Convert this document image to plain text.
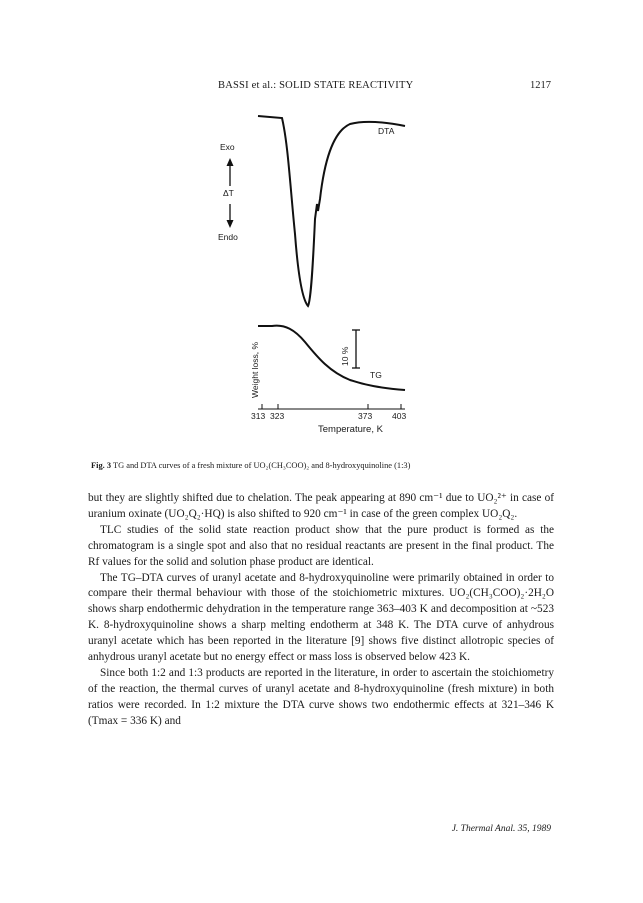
BASSI et al.: SOLID STATE REACTIVITY	1217
DTA
Exo
ΔT
Endo
Weight loss, %	10 %
TG
313 323	373 403
Temperature, K
Fig. 3 TG and DTA curves of a fresh mixture of UO₂(CH₃COO)₂ and 8-hydroxyquinoline (1:3)

but they are slightly shifted due to chelation. The peak appearing at 890 cm⁻¹ due to UO₂²⁺ in case of uranium oxinate (UO₂Q₂·HQ) is also shifted to 920 cm⁻¹ in case of the green complex UO₂Q₂.

TLC studies of the solid state reaction product show that the pure product is formed as the chromatogram is a single spot and also that no residual reactants are present in the final product. The Rf values for the solid and solution phase product are identical.

The TG–DTA curves of uranyl acetate and 8-hydroxyquinoline were primarily obtained in order to compare their thermal behaviour with those of the stoichiometric mixtures. UO₂(CH₃COO)₂·2H₂O shows sharp endothermic dehydration in the temperature range 363–403 K and decomposition at ~523 K. 8-hydroxyquinoline shows a sharp melting endotherm at 348 K. The DTA curve of anhydrous uranyl acetate which has been reported in the literature [9] shows five distinct allotropic species of anhydrous uranyl acetate but no energy effect or mass loss is observed below 423 K.

Since both 1:2 and 1:3 products are reported in the literature, in order to ascertain the stoichiometry of the reaction, the thermal curves of uranyl acetate and 8-hydroxyquinoline (fresh mixture) in both ratios were recorded. In 1:2 mixture the DTA curve shows two endothermic effects at 321–346 K (Tmax = 336 K) and

J. Thermal Anal. 35, 1989
